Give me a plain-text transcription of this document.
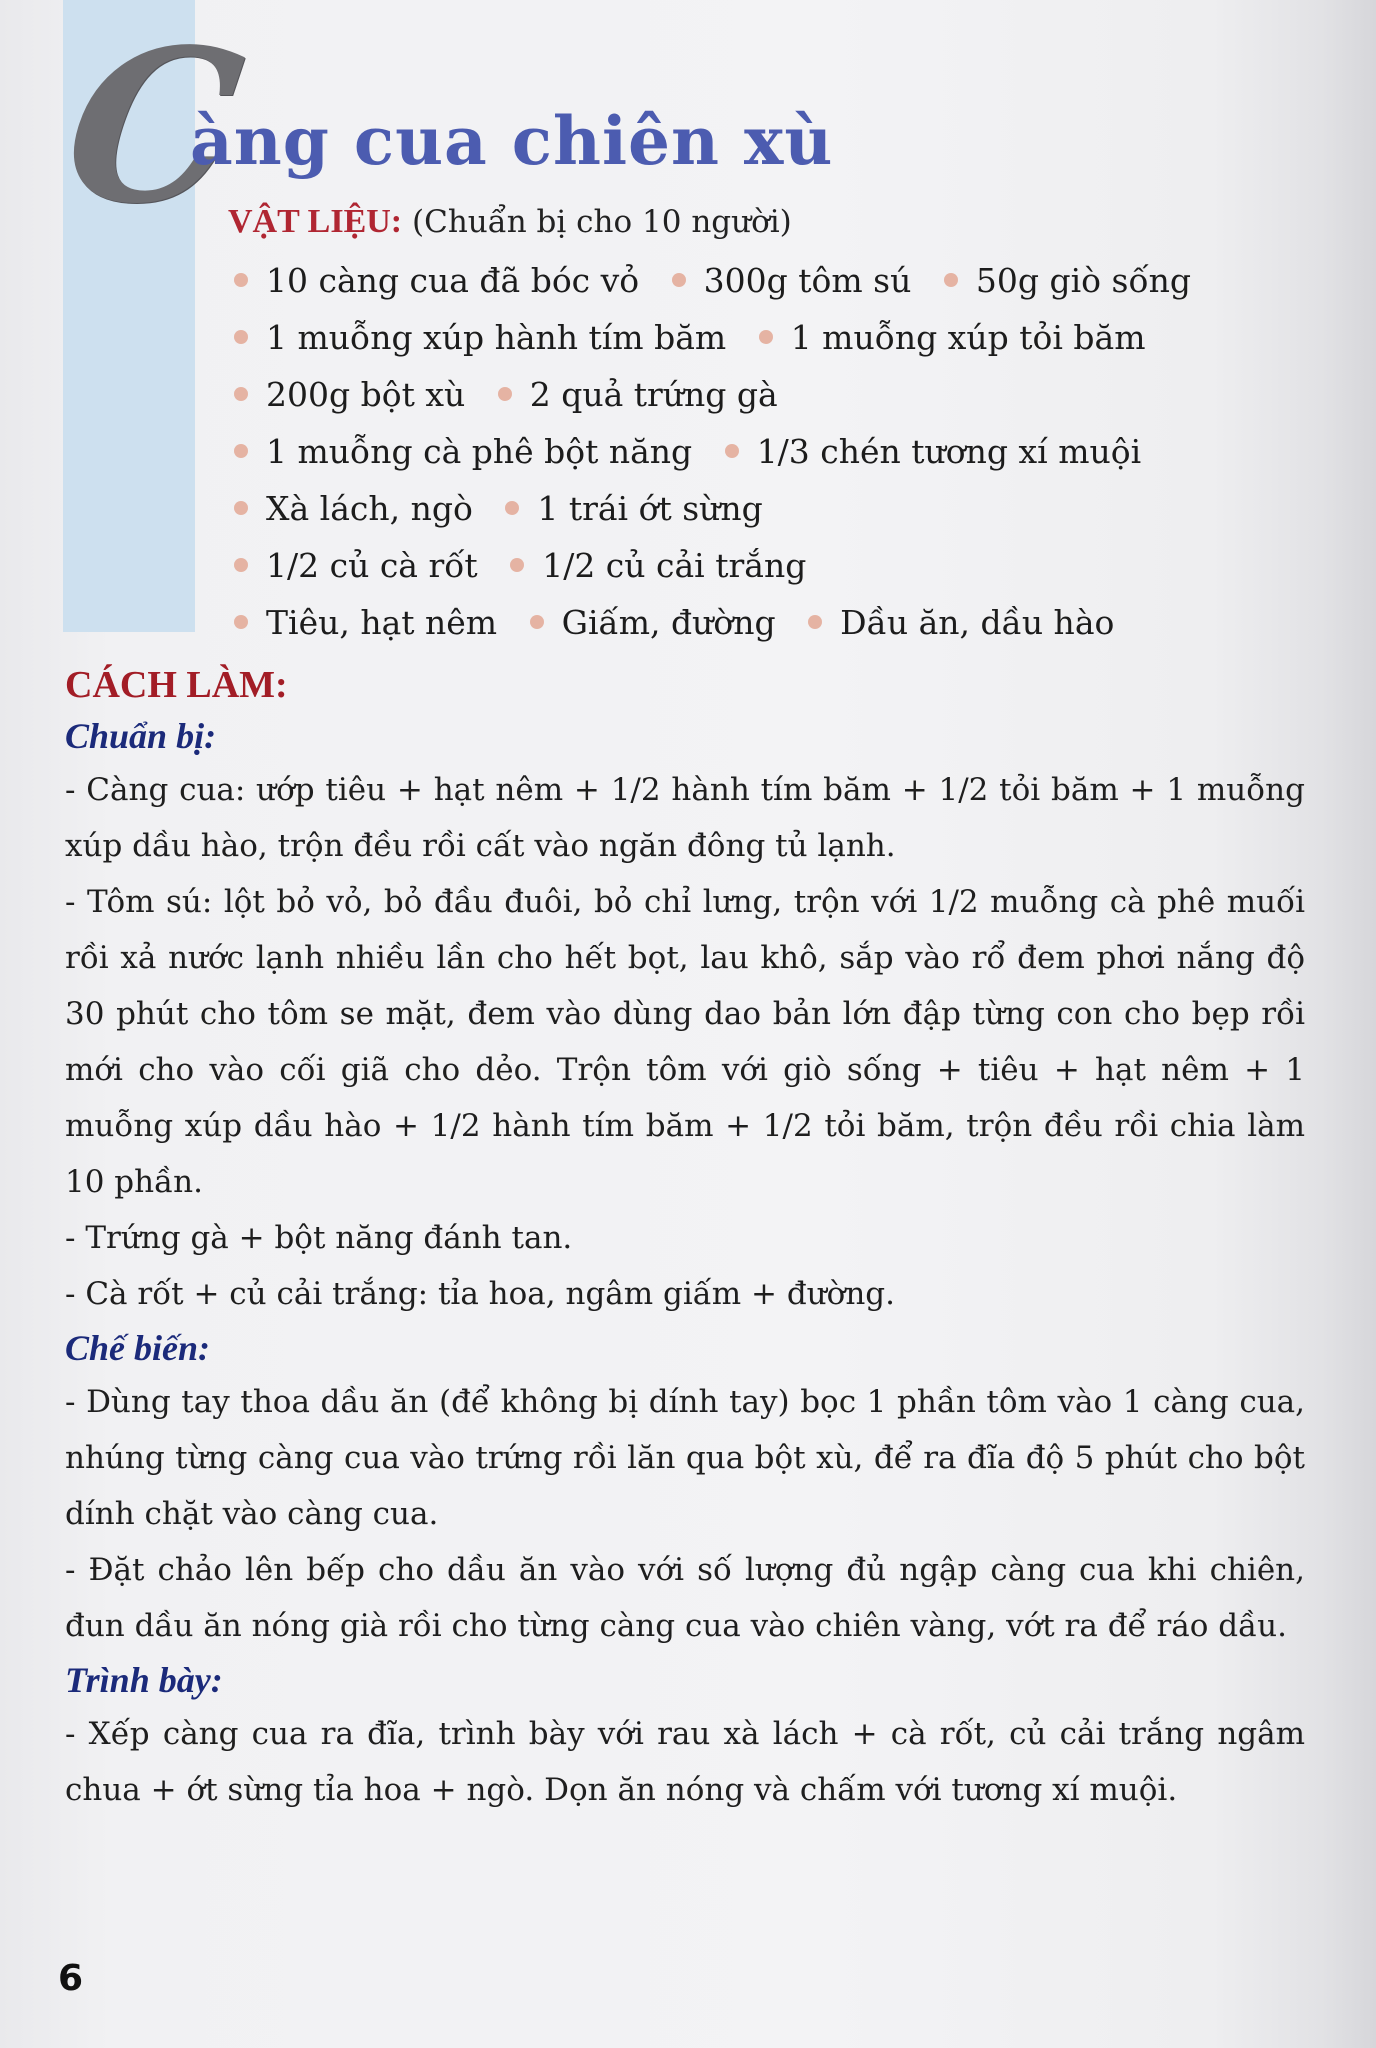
C
àng cua chiên xù
VẬT LIỆU: (Chuẩn bị cho 10 người)
10 càng cua đã bóc vỏ 300g tôm sú 50g giò sống
1 muỗng xúp hành tím băm 1 muỗng xúp tỏi băm
200g bột xù 2 quả trứng gà
1 muỗng cà phê bột năng 1/3 chén tương xí muội
Xà lách, ngò 1 trái ớt sừng
1/2 củ cà rốt 1/2 củ cải trắng
Tiêu, hạt nêm Giấm, đường Dầu ăn, dầu hào
CÁCH LÀM:
Chuẩn bị:

- Càng cua: ướp tiêu + hạt nêm + 1/2 hành tím băm + 1/2 tỏi băm + 1 muỗng xúp dầu hào, trộn đều rồi cất vào ngăn đông tủ lạnh.

- Tôm sú: lột bỏ vỏ, bỏ đầu đuôi, bỏ chỉ lưng, trộn với 1/2 muỗng cà phê muối rồi xả nước lạnh nhiều lần cho hết bọt, lau khô, sắp vào rổ đem phơi nắng độ 30 phút cho tôm se mặt, đem vào dùng dao bản lớn đập từng con cho bẹp rồi mới cho vào cối giã cho dẻo. Trộn tôm với giò sống + tiêu + hạt nêm + 1 muỗng xúp dầu hào + 1/2 hành tím băm + 1/2 tỏi băm, trộn đều rồi chia làm 10 phần.

- Trứng gà + bột năng đánh tan.

- Cà rốt + củ cải trắng: tỉa hoa, ngâm giấm + đường.

Chế biến:

- Dùng tay thoa dầu ăn (để không bị dính tay) bọc 1 phần tôm vào 1 càng cua, nhúng từng càng cua vào trứng rồi lăn qua bột xù, để ra đĩa độ 5 phút cho bột dính chặt vào càng cua.

- Đặt chảo lên bếp cho dầu ăn vào với số lượng đủ ngập càng cua khi chiên, đun dầu ăn nóng già rồi cho từng càng cua vào chiên vàng, vớt ra để ráo dầu.

Trình bày:

- Xếp càng cua ra đĩa, trình bày với rau xà lách + cà rốt, củ cải trắng ngâm chua + ớt sừng tỉa hoa + ngò. Dọn ăn nóng và chấm với tương xí muội.

6
